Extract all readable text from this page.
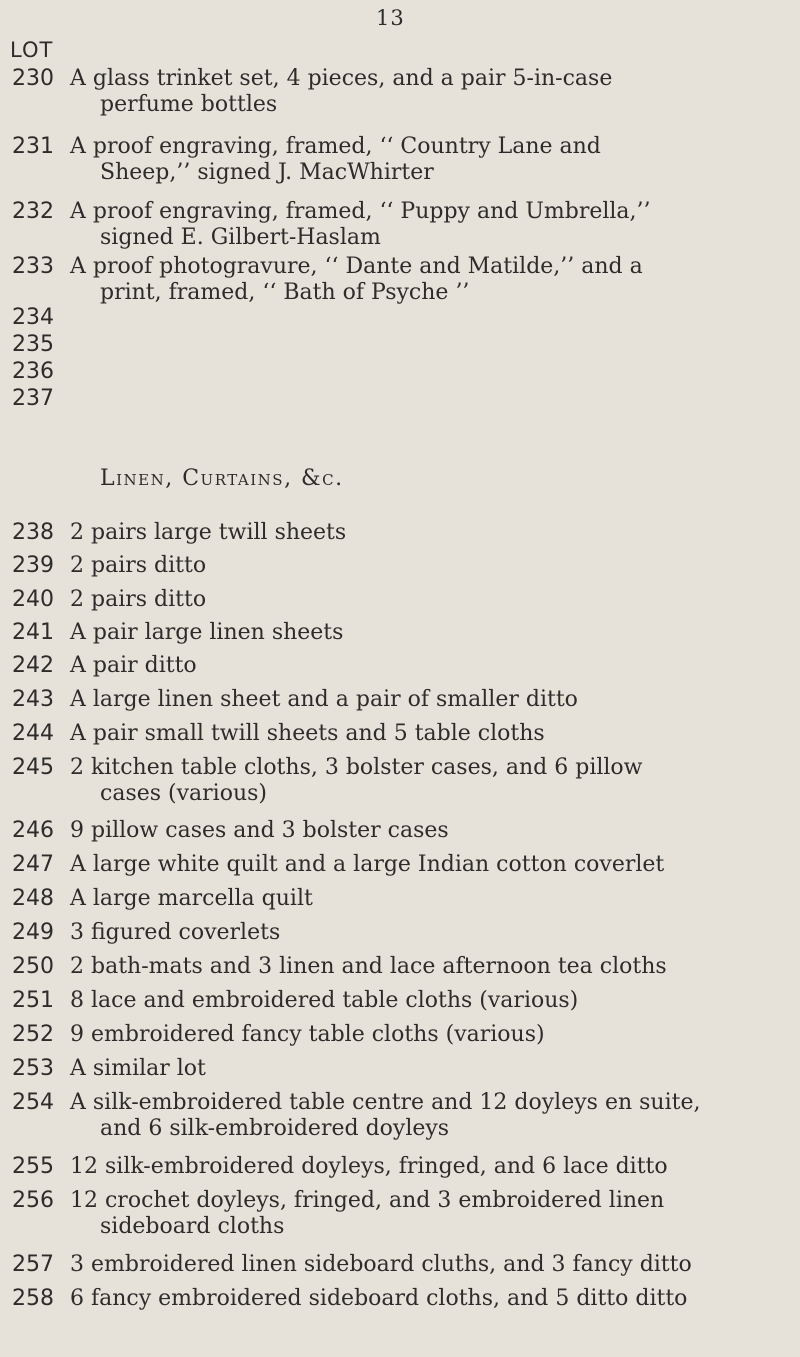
13
LOT
230 A glass trinket set, 4 pieces, and a pair 5-in-case
perfume bottles
231 A proof engraving, framed, ‘‘ Country Lane and
Sheep,’’ signed J. MacWhirter
232 A proof engraving, framed, ‘‘ Puppy and Umbrella,’’
signed E. Gilbert-Haslam
233 A proof photogravure, ‘‘ Dante and Matilde,’’ and a
print, framed, ‘‘ Bath of Psyche ’’
234
235
236
237
Linen, Curtains, &c.
238 2 pairs large twill sheets
239 2 pairs ditto
240 2 pairs ditto
241 A pair large linen sheets
242 A pair ditto
243 A large linen sheet and a pair of smaller ditto
244 A pair small twill sheets and 5 table cloths
245 2 kitchen table cloths, 3 bolster cases, and 6 pillow
cases (various)
246 9 pillow cases and 3 bolster cases
247 A large white quilt and a large Indian cotton coverlet
248 A large marcella quilt
249 3 figured coverlets
250 2 bath-mats and 3 linen and lace afternoon tea cloths
251 8 lace and embroidered table cloths (various)
252 9 embroidered fancy table cloths (various)
253 A similar lot
254 A silk-embroidered table centre and 12 doyleys en suite,
and 6 silk-embroidered doyleys
255 12 silk-embroidered doyleys, fringed, and 6 lace ditto
256 12 crochet doyleys, fringed, and 3 embroidered linen
sideboard cloths
257 3 embroidered linen sideboard cluths, and 3 fancy ditto
258 6 fancy embroidered sideboard cloths, and 5 ditto ditto
